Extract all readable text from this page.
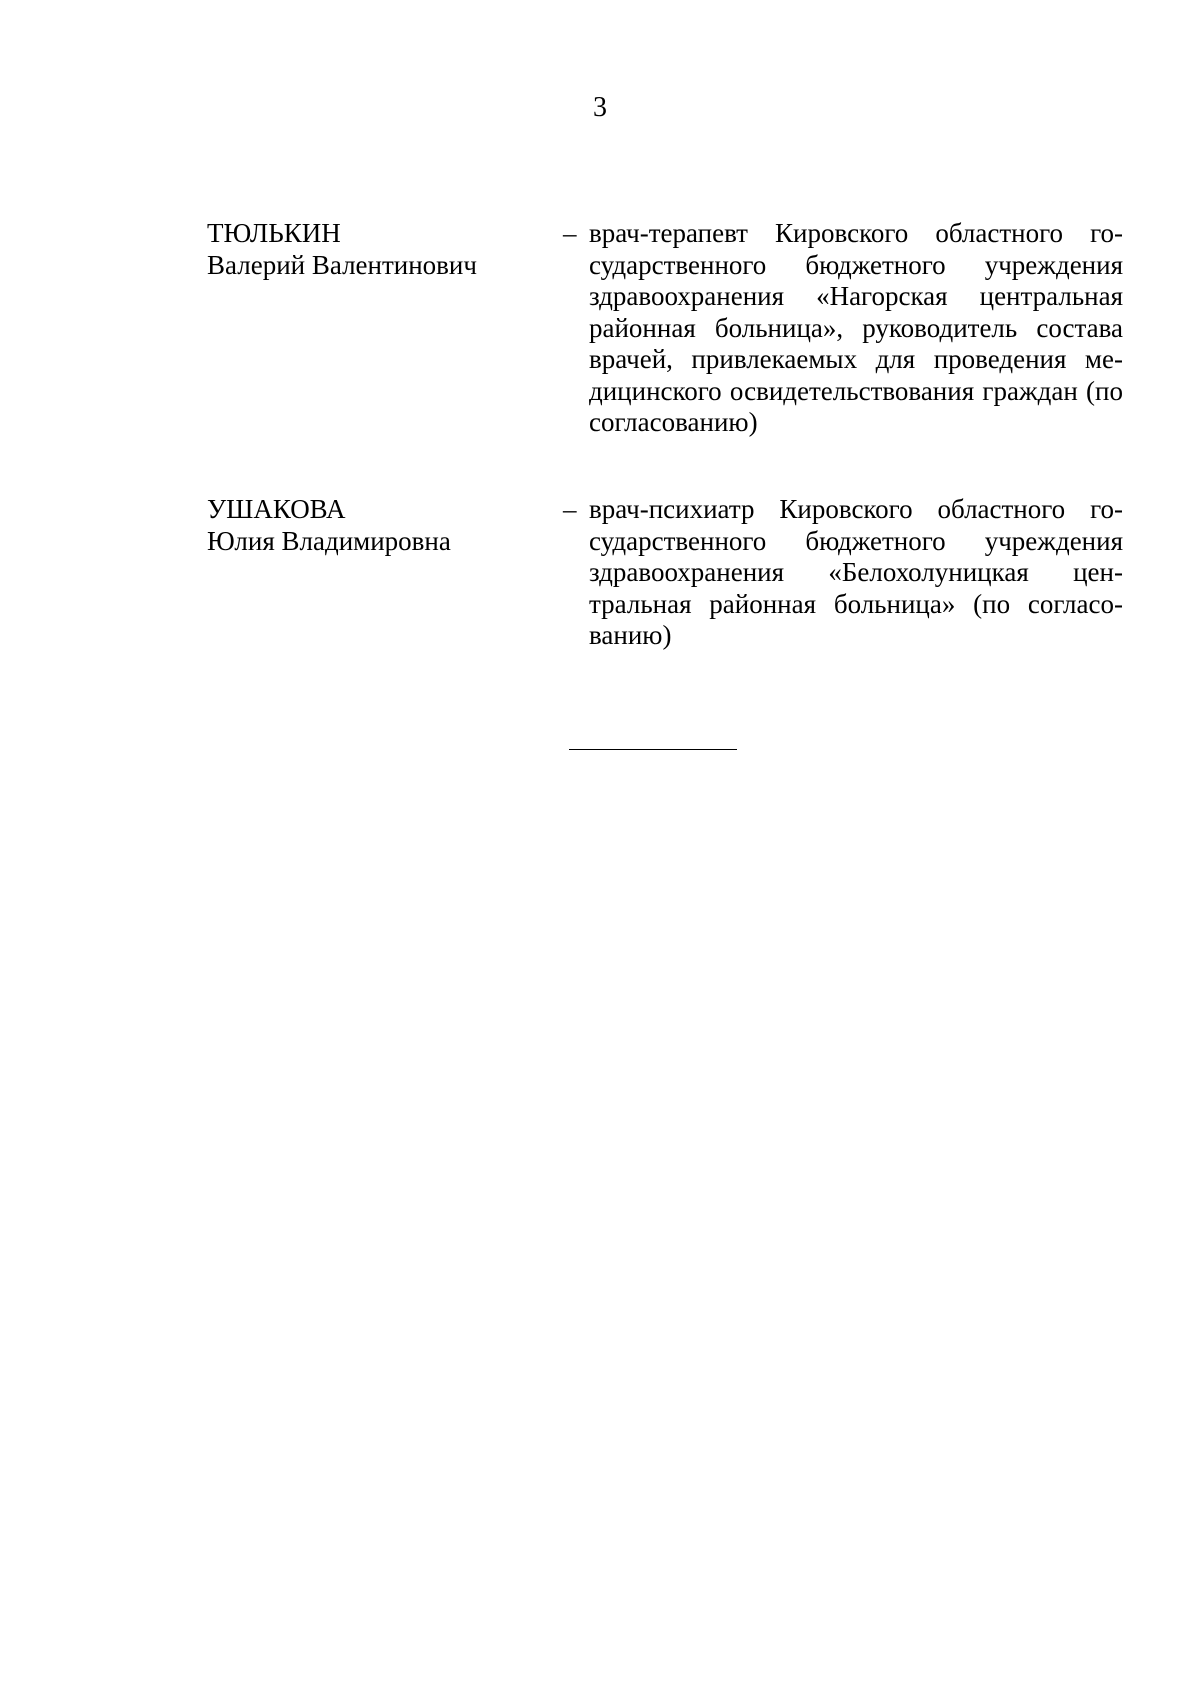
3
ТЮЛЬКИН
Валерий Валентинович
– врач-терапевт Кировского областного государственного бюджетного учреждения здравоохранения «Нагорская центральная районная больница», руководитель состава врачей, привлекаемых для проведения медицинского освидетельствования граждан (по согласованию)
УШАКОВА
Юлия Владимировна
– врач-психиатр Кировского областного государственного бюджетного учреждения здравоохранения «Белохолуницкая центральная районная больница» (по согласованию)
